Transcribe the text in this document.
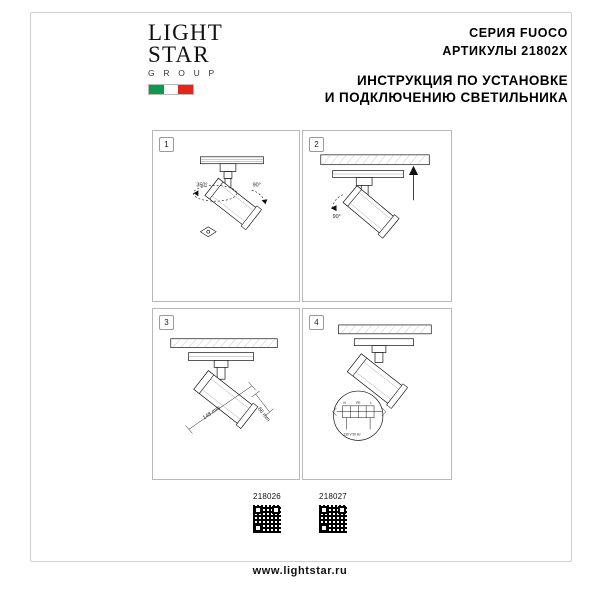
LIGHT
STAR
G R O U P
СЕРИЯ FUOCO
АРТИКУЛЫ 21802X
ИНСТРУКЦИЯ ПО УСТАНОВКЕ
И ПОДКЛЮЧЕНИЮ СВЕТИЛЬНИКА
1
350°	90°
2
90°
3
148 mm	66 mm
4
N	PE	L
230 V 50 Hz
218026	218027
www.lightstar.ru
